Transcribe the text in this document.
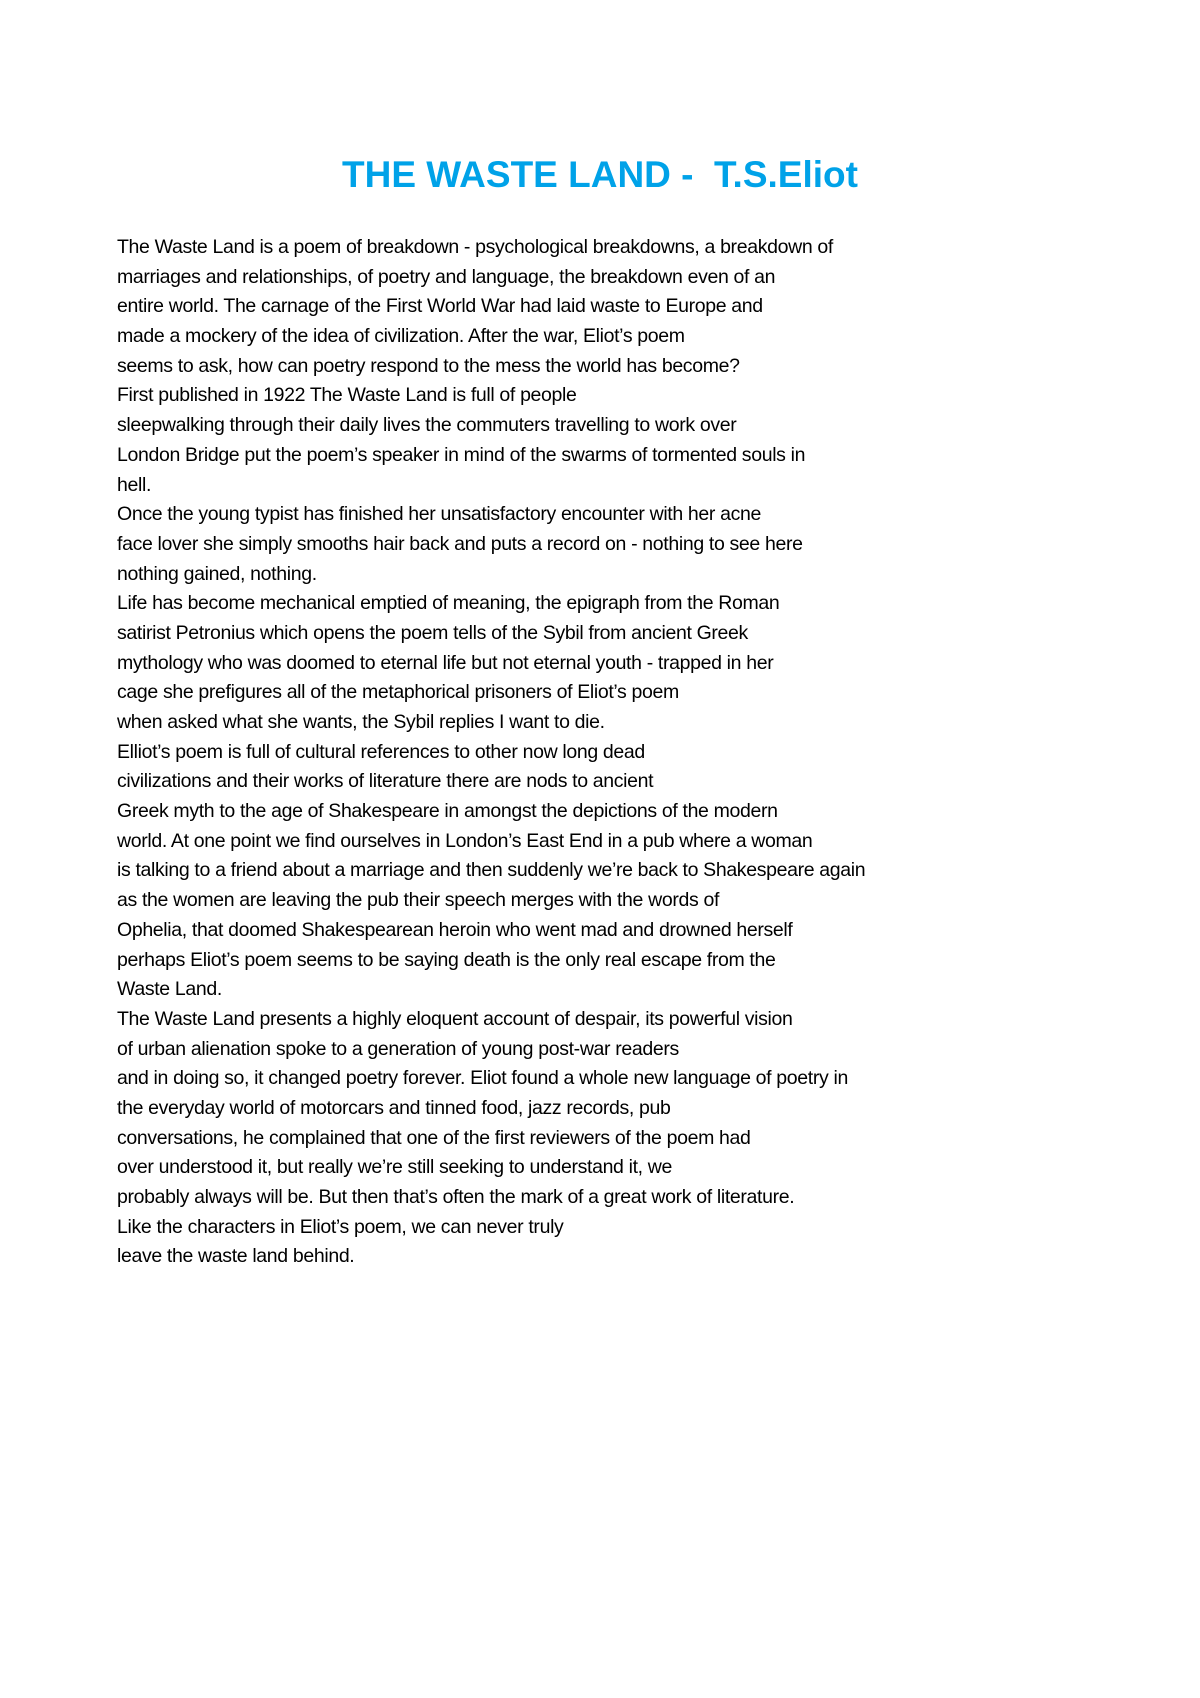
THE WASTE LAND -  T.S.Eliot
The Waste Land is a poem of breakdown - psychological breakdowns, a breakdown of
marriages and relationships, of poetry and language, the breakdown even of an
entire world. The carnage of the First World War had laid waste to Europe and
made a mockery of the idea of civilization. After the war, Eliot’s poem
seems to ask, how can poetry respond to the mess the world has become?
First published in 1922 The Waste Land is full of people
sleepwalking through their daily lives the commuters travelling to work over
London Bridge put the poem’s speaker in mind of the swarms of tormented souls in
hell.
Once the young typist has finished her unsatisfactory encounter with her acne
face lover she simply smooths hair back and puts a record on - nothing to see here
nothing gained, nothing.
Life has become mechanical emptied of meaning, the epigraph from the Roman
satirist Petronius which opens the poem tells of the Sybil from ancient Greek
mythology who was doomed to eternal life but not eternal youth - trapped in her
cage she prefigures all of the metaphorical prisoners of Eliot’s poem
when asked what she wants, the Sybil replies I want to die.
Elliot’s poem is full of cultural references to other now long dead
civilizations and their works of literature there are nods to ancient
Greek myth to the age of Shakespeare in amongst the depictions of the modern
world. At one point we find ourselves in London’s East End in a pub where a woman
is talking to a friend about a marriage and then suddenly we’re back to Shakespeare again
as the women are leaving the pub their speech merges with the words of
Ophelia, that doomed Shakespearean heroin who went mad and drowned herself
perhaps Eliot’s poem seems to be saying death is the only real escape from the
Waste Land.
The Waste Land presents a highly eloquent account of despair, its powerful vision
of urban alienation spoke to a generation of young post-war readers
and in doing so, it changed poetry forever. Eliot found a whole new language of poetry in
the everyday world of motorcars and tinned food, jazz records, pub
conversations, he complained that one of the first reviewers of the poem had
over understood it, but really we’re still seeking to understand it, we
probably always will be. But then that’s often the mark of a great work of literature.
Like the characters in Eliot’s poem, we can never truly
leave the waste land behind.
